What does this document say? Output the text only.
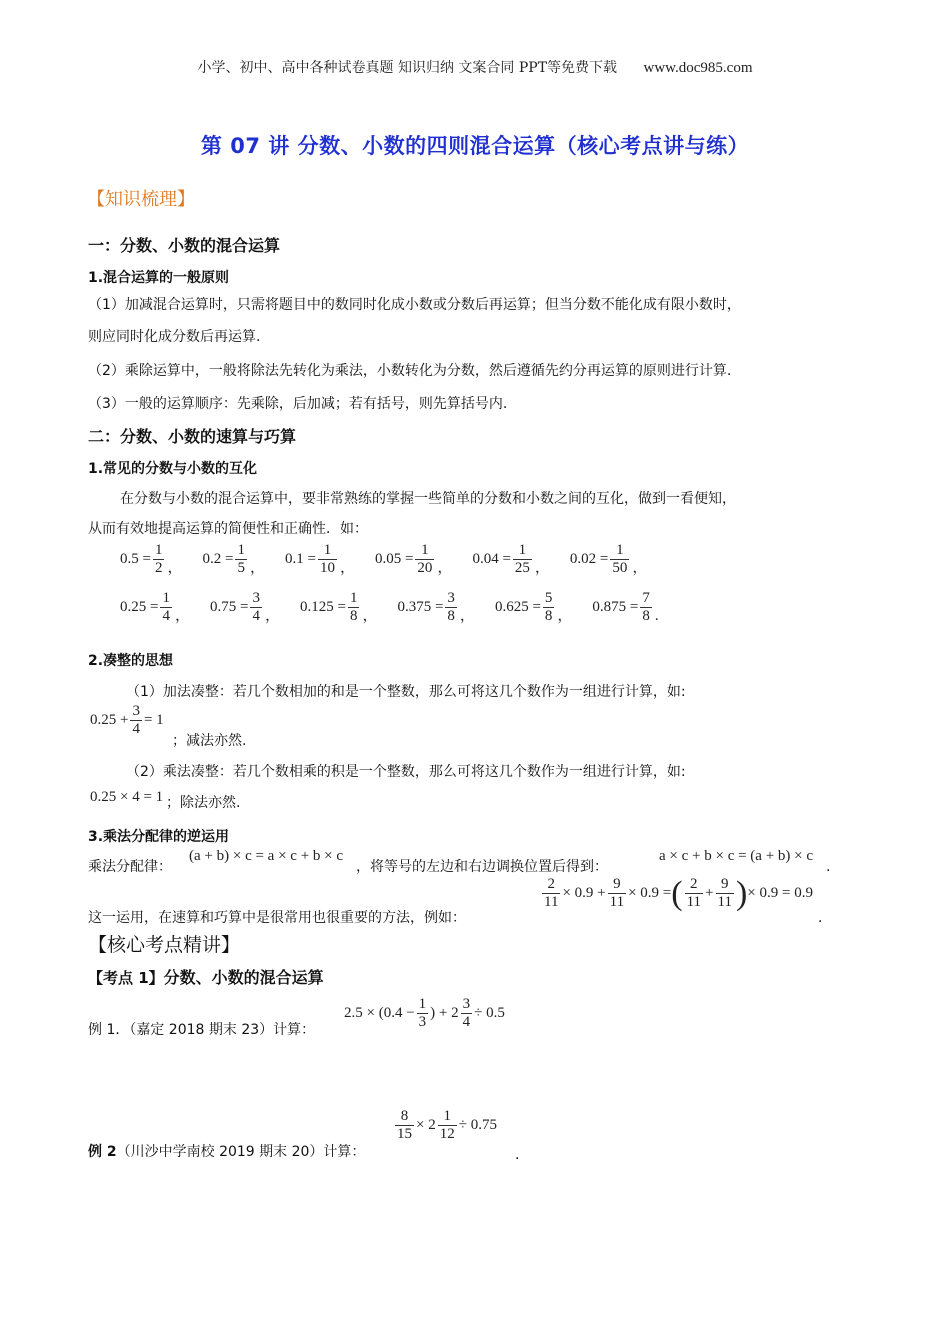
小学、初中、高中各种试卷真题 知识归纳 文案合同 PPT等免费下载 www.doc985.com
第 07 讲 分数、小数的四则混合运算（核心考点讲与练）
【知识梳理】
一：分数、小数的混合运算
1.混合运算的一般原则
（1）加减混合运算时，只需将题目中的数同时化成小数或分数后再运算；但当分数不能化成有限小数时，
则应同时化成分数后再运算.
（2）乘除运算中，一般将除法先转化为乘法，小数转化为分数，然后遵循先约分再运算的原则进行计算.
（3）一般的运算顺序：先乘除，后加减；若有括号，则先算括号内.
二：分数、小数的速算与巧算
1.常见的分数与小数的互化
在分数与小数的混合运算中，要非常熟练的掌握一些简单的分数和小数之间的互化，做到一看便知，
从而有效地提高运算的简便性和正确性．如：
$0.5 = \frac{1}{2}$ ，
$0.2 = \frac{1}{5}$ ，
$0.1 = \frac{1}{10}$ ，
$0.05 = \frac{1}{20}$ ，
$0.04 = \frac{1}{25}$ ，
$0.02 = \frac{1}{50}$ ，
$0.25 = \frac{1}{4}$ ，
$0.75 = \frac{3}{4}$ ，
$0.125 = \frac{1}{8}$ ，
$0.375 = \frac{3}{8}$ ，
$0.625 = \frac{5}{8}$ ，
$0.875 = \frac{7}{8}$ .
2.凑整的思想
（1）加法凑整：若几个数相加的和是一个整数，那么可将这几个数作为一组进行计算，如:
$0.25 + \frac{3}{4} = 1$
；减法亦然.
（2）乘法凑整：若几个数相乘的积是一个整数，那么可将这几个数作为一组进行计算，如:
0.25 × 4 = 1 ；除法亦然.
3.乘法分配律的逆运用
乘法分配律：
(a + b) × c = a × c + b × c
，将等号的左边和右边调换位置后得到：
a × c + b × c = (a + b) × c
.
这一运用，在速算和巧算中是很常用也很重要的方法，例如：
$\frac{2}{11} \times 0.9 + \frac{9}{11} \times 0.9$ = ( $\frac{2}{11} + \frac{9}{11}$ ) × 0.9 = 0.9
.
【核心考点精讲】
【考点 1】分数、小数的混合运算
例 1．（嘉定 2018 期末 23）计算：
$2.5 \times (0.4 - \frac{1}{3}$ ) + $2 \frac{3}{4} \div 0.5$
例 2（川沙中学南校 2019 期末 20）计算：
$\frac{8}{15} \times 2 \frac{1}{12} \div 0.75$
.
